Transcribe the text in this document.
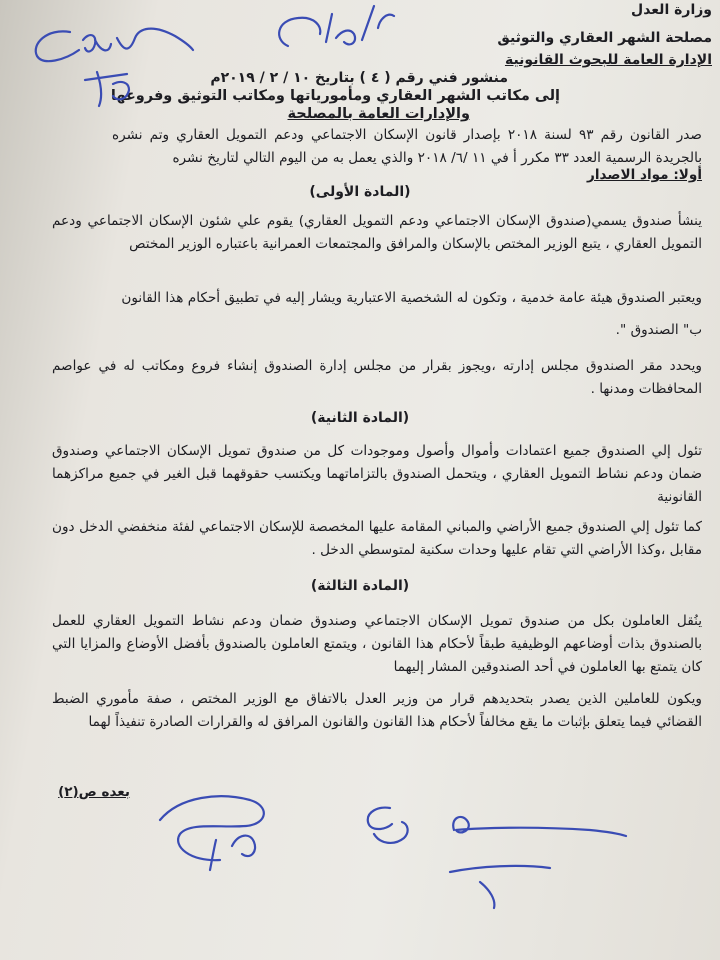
وزارة العدل
مصلحة الشهر العقاري والتوثيق
الإدارة العامة للبحوث القانونية
منشور فني رقم ( ٤ ) بتاريخ ١٠ / ٢ / ٢٠١٩م
إلى مكاتب الشهر العقاري ومأمورياتها ومكاتب التوثيق وفروعها
والإدارات العامة بالمصلحة
صدر القانون رقم ٩٣ لسنة ٢٠١٨ بإصدار قانون الإسكان الاجتماعي ودعم التمويل العقاري وتم نشره بالجريدة الرسمية العدد ٣٣ مكرر أ في ١١ /٦/ ٢٠١٨ والذي يعمل به من اليوم التالي لتاريخ نشره
أولا: مواد الاصدار
(المادة الأولى)
ينشأ صندوق يسمي(صندوق الإسكان الاجتماعي ودعم التمويل العقاري) يقوم علي شئون الإسكان الاجتماعي ودعم التمويل العقاري ، يتبع الوزير المختص بالإسكان والمرافق والمجتمعات العمرانية باعتباره الوزير المختص
ويعتبر الصندوق هيئة عامة خدمية ، وتكون له الشخصية الاعتبارية ويشار إليه في تطبيق أحكام هذا القانون
ب" الصندوق ".
ويحدد مقر الصندوق مجلس إدارته ،ويجوز بقرار من مجلس إدارة الصندوق إنشاء فروع ومكاتب له في عواصم المحافظات ومدنها .
(المادة الثانية)
تئول إلي الصندوق جميع اعتمادات وأموال وأصول وموجودات كل من صندوق تمويل الإسكان الاجتماعي وصندوق ضمان ودعم نشاط التمويل العقاري ، ويتحمل الصندوق بالتزاماتهما ويكتسب حقوقهما قبل الغير في جميع مراكزهما القانونية
كما تئول إلي الصندوق جميع الأراضي والمباني المقامة عليها المخصصة للإسكان الاجتماعي لفئة منخفضي الدخل دون مقابل ،وكذا الأراضي التي تقام عليها وحدات سكنية لمتوسطي الدخل .
(المادة الثالثة)
ينُقل العاملون بكل من صندوق تمويل الإسكان الاجتماعي وصندوق ضمان ودعم نشاط التمويل العقاري للعمل بالصندوق بذات أوضاعهم الوظيفية طبقاً لأحكام هذا القانون ، ويتمتع العاملون بالصندوق بأفضل الأوضاع والمزايا التي كان يتمتع بها العاملون في أحد الصندوقين المشار إليهما
ويكون للعاملين الذين يصدر بتحديدهم قرار من وزير العدل بالاتفاق مع الوزير المختص ، صفة مأموري الضبط القضائي فيما يتعلق بإثبات ما يقع مخالفاً لأحكام هذا القانون والقانون المرافق له والقرارات الصادرة تنفيذاً لهما
بعده ص(٢)
